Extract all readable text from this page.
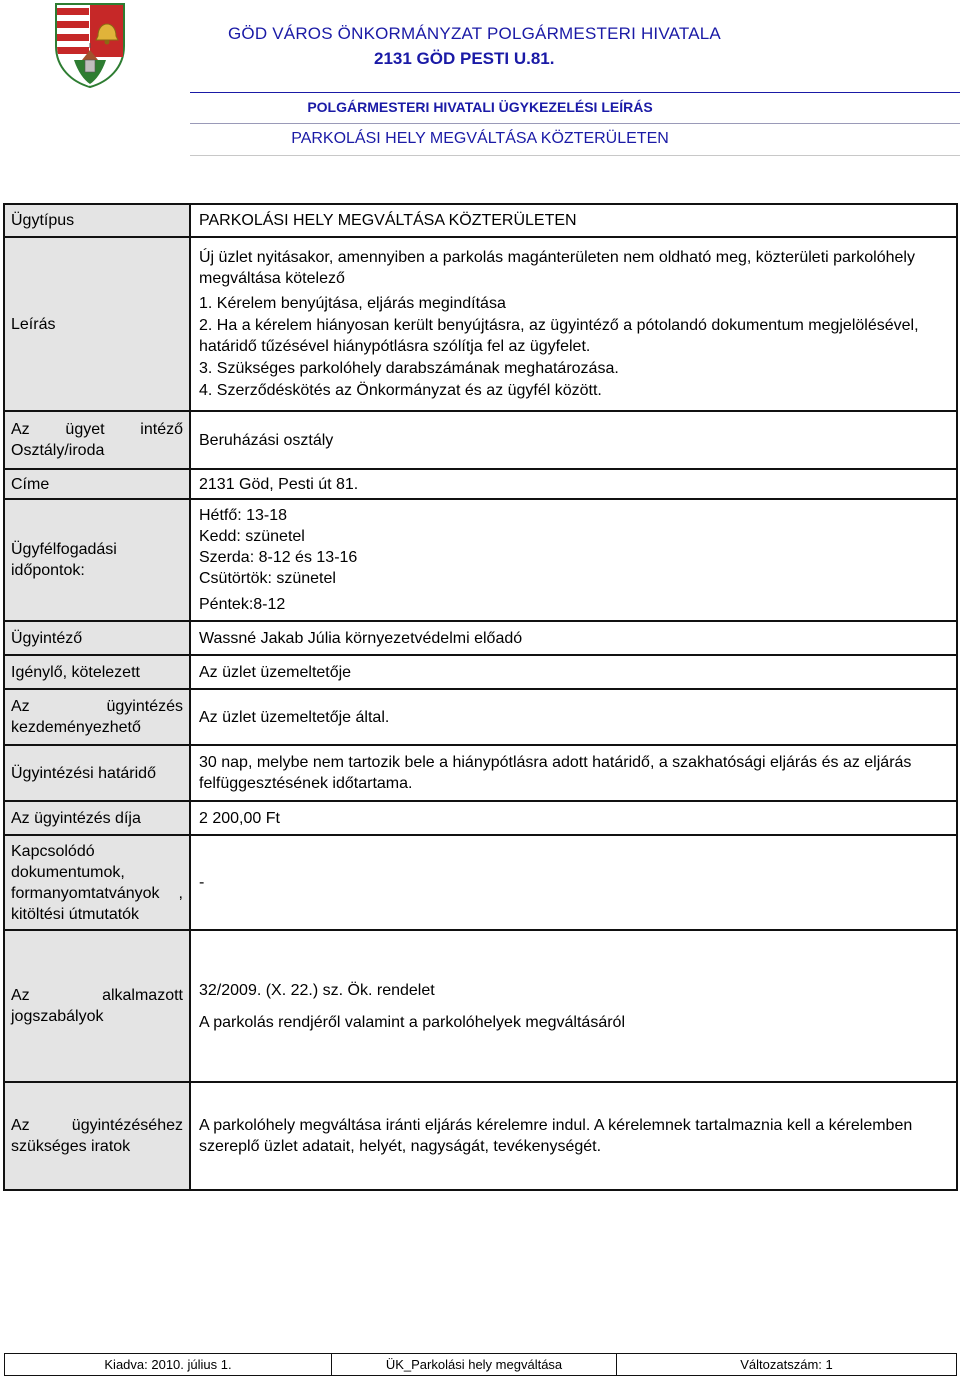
GÖD VÁROS ÖNKORMÁNYZAT POLGÁRMESTERI HIVATALA
2131 GÖD PESTI U.81.
POLGÁRMESTERI HIVATALI ÜGYKEZELÉSI LEÍRÁS
PARKOLÁSI HELY MEGVÁLTÁSA KÖZTERÜLETEN
Ügytípus	PARKOLÁSI HELY MEGVÁLTÁSA KÖZTERÜLETEN
Leírás	Új üzlet nyitásakor, amennyiben a parkolás magánterületen nem oldható meg, közterületi parkolóhely megváltása kötelező
1. Kérelem benyújtása, eljárás megindítása
2. Ha a kérelem hiányosan került benyújtásra, az ügyintéző a pótolandó dokumentum megjelölésével, határidő tűzésével hiánypótlásra szólítja fel az ügyfelet.
3. Szükséges parkolóhely darabszámának meghatározása.
4. Szerződéskötés az Önkormányzat és az ügyfél között.

Az ügyet intéző Osztály/iroda	Beruházási osztály
Címe	2131 Göd, Pesti út 81.
Ügyfélfogadási időpontok:	Hétfő: 13-18
Kedd: szünetel
Szerda: 8-12 és 13-16
Csütörtök: szünetel
Péntek:8-12

Ügyintéző	Wassné Jakab Júlia környezetvédelmi előadó
Igénylő, kötelezett	Az üzlet üzemeltetője
Az ügyintézés kezdeményezhető	Az üzlet üzemeltetője által.
Ügyintézési határidő	30 nap, melybe nem tartozik bele a hiánypótlásra adott határidő, a szakhatósági eljárás és az eljárás felfüggesztésének időtartama.
Az ügyintézés díja	2 200,00 Ft
Kapcsolódó dokumentumok, formanyomtatványok , kitöltési útmutatók	-
Az alkalmazott jogszabályok	32/2009. (X. 22.) sz. Ök. rendelet
A parkolás rendjéről valamint a parkolóhelyek megváltásáról

Az ügyintézéséhez szükséges iratok	A parkolóhely megváltása iránti eljárás kérelemre indul. A kérelemnek tartalmaznia kell a kérelemben szereplő üzlet adatait, helyét, nagyságát, tevékenységét.
Kiadva: 2010. július 1.	ÜK_Parkolási hely megváltása	Változatszám: 1
